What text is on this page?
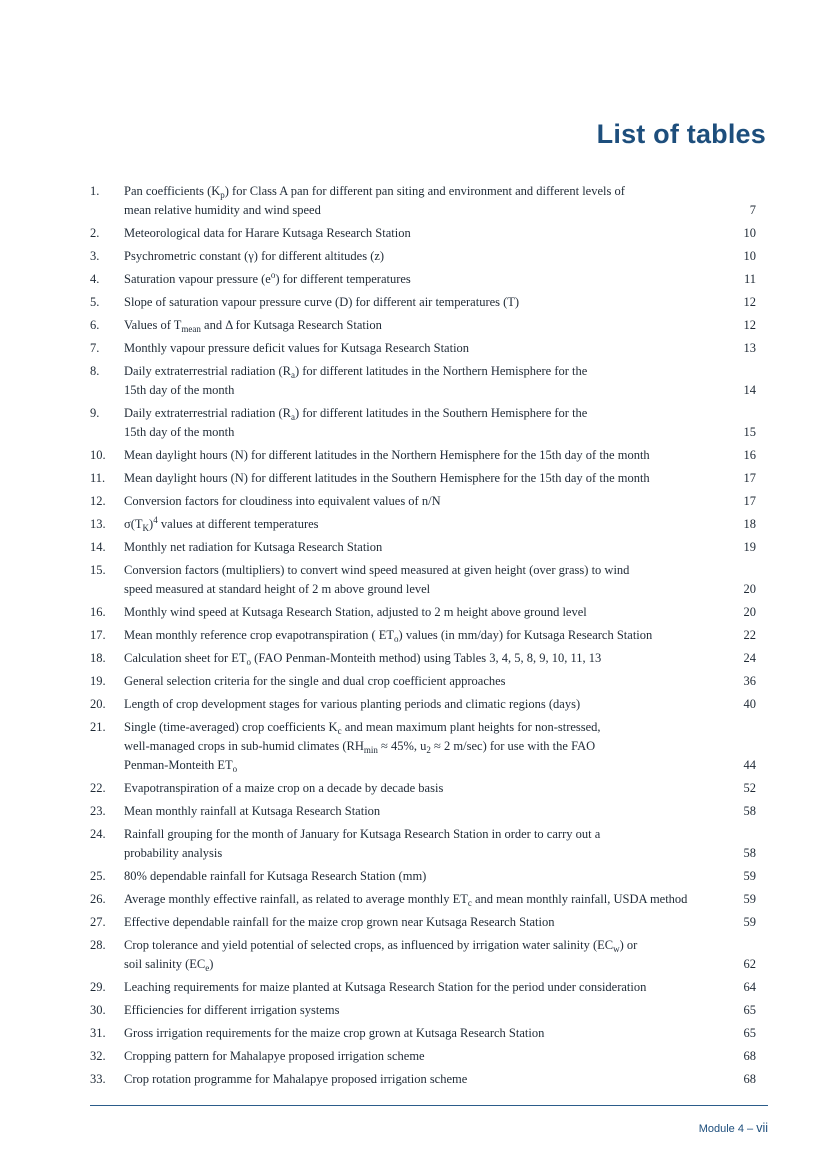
List of tables
1.	Pan coefficients $(K_p)$ for Class A pan for different pan siting and environment and different levels of
mean relative humidity and wind speed	7
2.	Meteorological data for Harare Kutsaga Research Station	10
3.	Psychrometric constant (γ) for different altitudes (z)	10
4.	Saturation vapour pressure $(e^o)$ for different temperatures	11
5.	Slope of saturation vapour pressure curve (D) for different air temperatures (T)	12
6.	Values of $T_{mean}$ and Δ for Kutsaga Research Station	12
7.	Monthly vapour pressure deficit values for Kutsaga Research Station	13
8.	Daily extraterrestrial radiation $(R_a)$ for different latitudes in the Northern Hemisphere for the
15th day of the month	14
9.	Daily extraterrestrial radiation $(R_a)$ for different latitudes in the Southern Hemisphere for the
15th day of the month	15
10.	Mean daylight hours (N) for different latitudes in the Northern Hemisphere for the 15th day of the month	16
11.	Mean daylight hours (N) for different latitudes in the Southern Hemisphere for the 15th day of the month	17
12.	Conversion factors for cloudiness into equivalent values of n/N	17
13.	$\sigma(T_K)^4$ values at different temperatures	18
14.	Monthly net radiation for Kutsaga Research Station	19
15.	Conversion factors (multipliers) to convert wind speed measured at given height (over grass) to wind
speed measured at standard height of 2 m above ground level	20
16.	Monthly wind speed at Kutsaga Research Station, adjusted to 2 m height above ground level	20
17.	Mean monthly reference crop evapotranspiration ( $ET_o$) values (in mm/day) for Kutsaga Research Station	22
18.	Calculation sheet for $ET_o$ (FAO Penman-Monteith method) using Tables 3, 4, 5, 8, 9, 10, 11, 13	24
19.	General selection criteria for the single and dual crop coefficient approaches	36
20.	Length of crop development stages for various planting periods and climatic regions (days)	40
21.	Single (time-averaged) crop coefficients $K_c$ and mean maximum plant heights for non-stressed,
well-managed crops in sub-humid climates ($RH_{min} \approx 45\%$, $u_2 \approx 2$ m/sec) for use with the FAO
Penman-Monteith $ET_o$	44
22.	Evapotranspiration of a maize crop on a decade by decade basis	52
23.	Mean monthly rainfall at Kutsaga Research Station	58
24.	Rainfall grouping for the month of January for Kutsaga Research Station in order to carry out a
probability analysis	58
25.	80% dependable rainfall for Kutsaga Research Station (mm)	59
26.	Average monthly effective rainfall, as related to average monthly $ET_c$ and mean monthly rainfall, USDA method	59
27.	Effective dependable rainfall for the maize crop grown near Kutsaga Research Station	59
28.	Crop tolerance and yield potential of selected crops, as influenced by irrigation water salinity $(EC_w)$ or
soil salinity $(EC_e)$	62
29.	Leaching requirements for maize planted at Kutsaga Research Station for the period under consideration	64
30.	Efficiencies for different irrigation systems	65
31.	Gross irrigation requirements for the maize crop grown at Kutsaga Research Station	65
32.	Cropping pattern for Mahalapye proposed irrigation scheme	68
33.	Crop rotation programme for Mahalapye proposed irrigation scheme	68
Module 4 – vii
